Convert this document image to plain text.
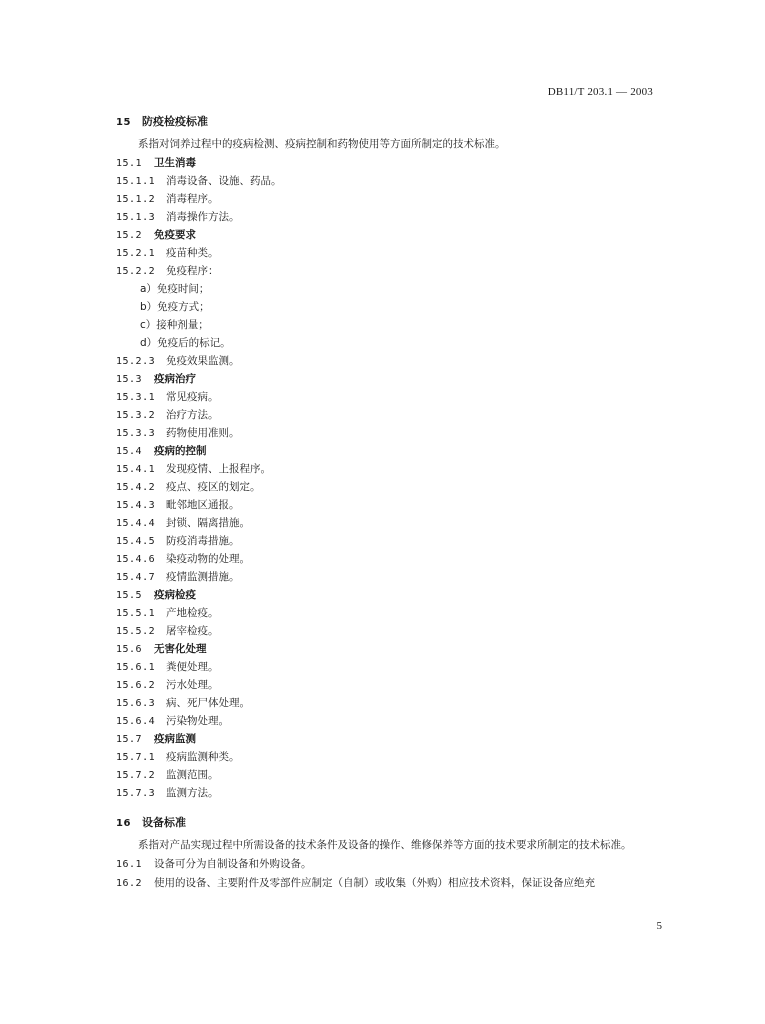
DB11/T 203.1 — 2003
15 防疫检疫标准
系指对饲养过程中的疫病检测、疫病控制和药物使用等方面所制定的技术标准。
15.1 卫生消毒
15.1.1 消毒设备、设施、药品。
15.1.2 消毒程序。
15.1.3 消毒操作方法。
15.2 免疫要求
15.2.1 疫苗种类。
15.2.2 免疫程序：
a）免疫时间；
b）免疫方式；
c）接种剂量；
d）免疫后的标记。
15.2.3 免疫效果监测。
15.3 疫病治疗
15.3.1 常见疫病。
15.3.2 治疗方法。
15.3.3 药物使用准则。
15.4 疫病的控制
15.4.1 发现疫情、上报程序。
15.4.2 疫点、疫区的划定。
15.4.3 毗邻地区通报。
15.4.4 封锁、隔离措施。
15.4.5 防疫消毒措施。
15.4.6 染疫动物的处理。
15.4.7 疫情监测措施。
15.5 疫病检疫
15.5.1 产地检疫。
15.5.2 屠宰检疫。
15.6 无害化处理
15.6.1 粪便处理。
15.6.2 污水处理。
15.6.3 病、死尸体处理。
15.6.4 污染物处理。
15.7 疫病监测
15.7.1 疫病监测种类。
15.7.2 监测范围。
15.7.3 监测方法。
16 设备标准
系指对产品实现过程中所需设备的技术条件及设备的操作、维修保养等方面的技术要求所制定的技术标准。
16.1 设备可分为自制设备和外购设备。
16.2 使用的设备、主要附件及零部件应制定（自制）或收集（外购）相应技术资料，保证设备应绝充
5
